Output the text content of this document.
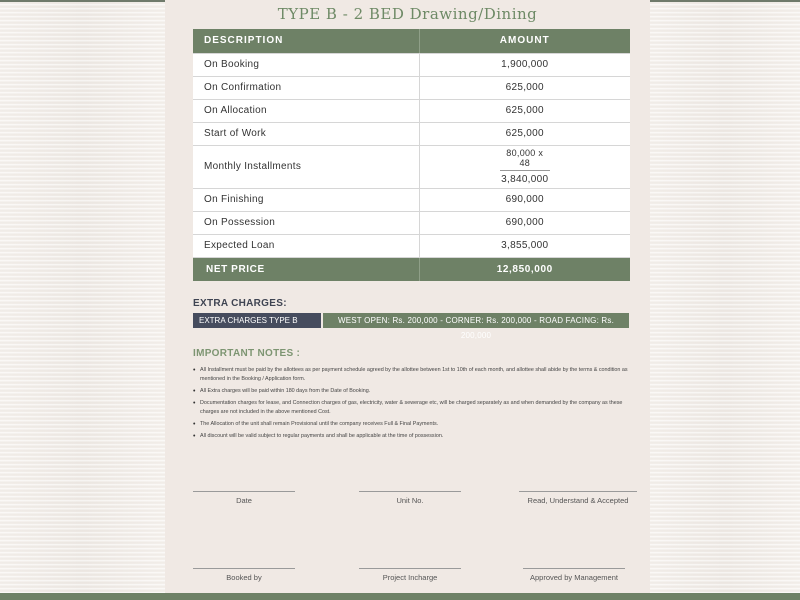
TYPE B - 2 BED Drawing/Dining
DESCRIPTION	AMOUNT
On Booking	1,900,000
On Confirmation	625,000
On Allocation	625,000
Start of Work	625,000
Monthly Installments	80,000 x 48
3,840,000
On Finishing	690,000
On Possession	690,000
Expected Loan	3,855,000
NET PRICE	12,850,000
EXTRA CHARGES:
EXTRA CHARGES TYPE B	WEST OPEN: Rs. 200,000 - CORNER: Rs. 200,000 - ROAD FACING: Rs. 200,000
IMPORTANT NOTES :
• All Installment must be paid by the allottees as per payment schedule agreed by the allottee between 1st to 10th of each month, and allottee shall abide by the terms & condition as mentioned in the Booking / Application form.
• All Extra charges will be paid within 180 days from the Date of Booking.
• Documentation charges for lease, and Connection charges of gas, electricity, water & sewerage etc, will be charged separately as and when demanded by the company as these charges are not included in the above mentioned Cost.
• The Allocation of the unit shall remain Provisional until the company receives Full & Final Payments.
• All discount will be valid subject to regular payments and shall be applicable at the time of possession.
Date	Unit No.	Read, Understand & Accepted
Booked by	Project Incharge	Approved by Management
